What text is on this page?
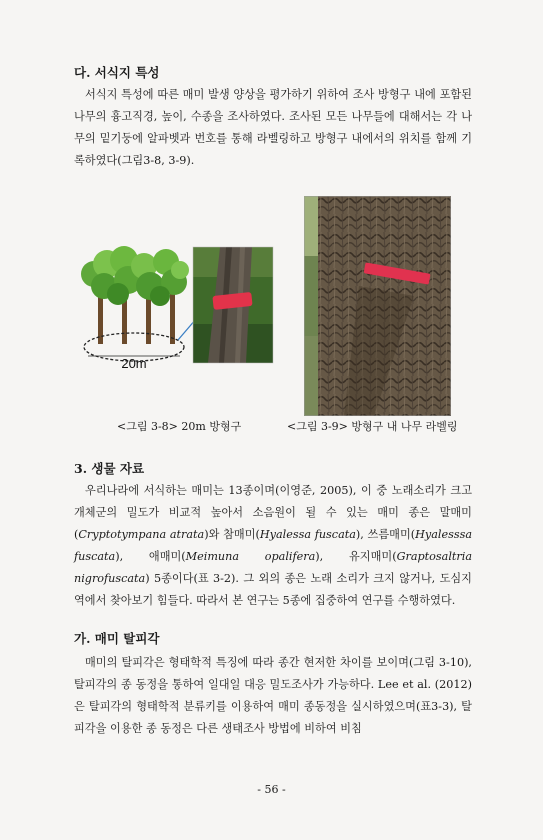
다. 서식지 특성

서식지 특성에 따른 매미 발생 양상을 평가하기 위하여 조사 방형구 내에 포함된 나무의 흉고직경, 높이, 수종을 조사하였다. 조사된 모든 나무들에 대해서는 각 나무의 밑기둥에 알파벳과 번호를 통해 라벨링하고 방형구 내에서의 위치를 함께 기록하였다(그림3-8, 3-9).

20m
<그림 3-8> 20m 방형구	<그림 3-9> 방형구 내 나무 라벨링
3. 생물 자료

우리나라에 서식하는 매미는 13종이며(이영준, 2005), 이 중 노래소리가 크고 개체군의 밀도가 비교적 높아서 소음원이 될 수 있는 매미 종은 말매미(Cryptotympana atrata)와 참매미(Hyalessa fuscata), 쓰름매미(Hyalesssa fuscata), 애매미(Meimuna opalifera), 유지매미(Graptosaltria nigrofuscata) 5종이다(표 3-2). 그 외의 종은 노래 소리가 크지 않거나, 도심지역에서 찾아보기 힘들다. 따라서 본 연구는 5종에 집중하여 연구를 수행하였다.

가. 매미 탈피각

매미의 탈피각은 형태학적 특징에 따라 종간 현저한 차이를 보이며(그림 3-10), 탈피각의 종 동정을 통하여 일대일 대응 밀도조사가 가능하다. Lee et al. (2012)은 탈피각의 형태학적 분류키를 이용하여 매미 종동정을 실시하였으며(표3-3), 탈피각을 이용한 종 동정은 다른 생태조사 방법에 비하여 비침

- 56 -
